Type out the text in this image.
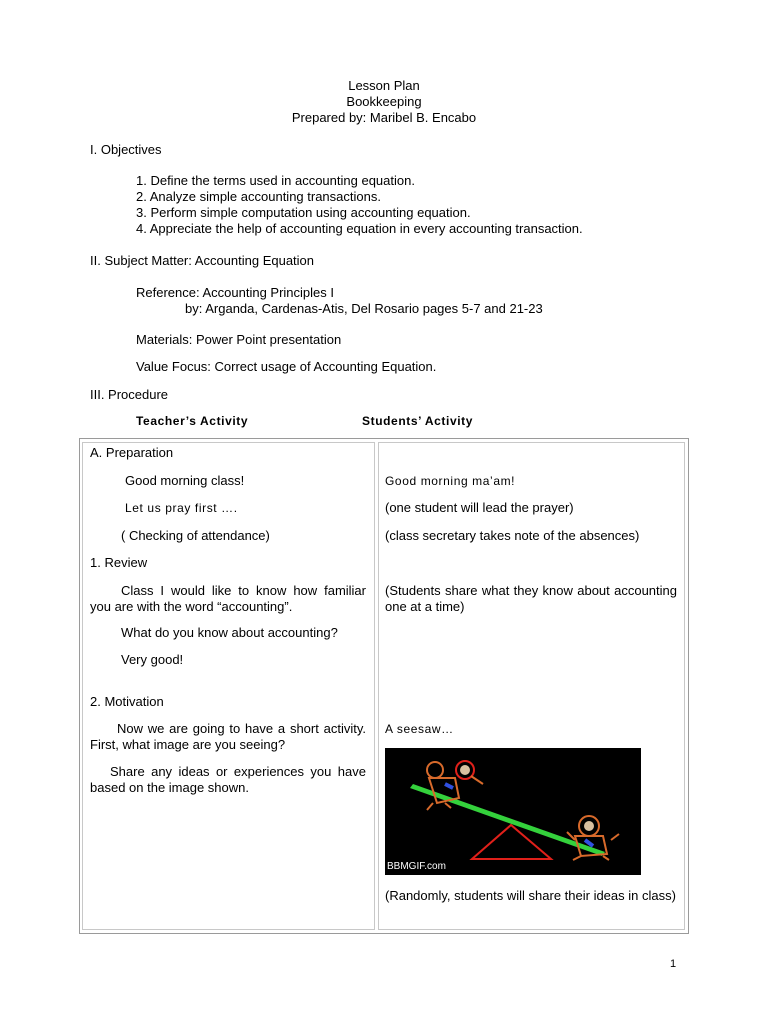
Lesson Plan
Bookkeeping
Prepared by: Maribel B. Encabo
I. Objectives
1. Define the terms used in accounting equation.
2. Analyze simple accounting transactions.
3. Perform simple computation using accounting equation.
4. Appreciate the help of accounting equation in every accounting transaction.
II. Subject Matter: Accounting Equation
Reference: Accounting Principles I
by: Arganda, Cardenas-Atis, Del Rosario pages 5-7 and 21-23
Materials: Power Point presentation
Value Focus: Correct usage of Accounting Equation.
III. Procedure
Teacher’s Activity	Students’ Activity
A. Preparation
Good morning class!
Let us pray first ….
( Checking of attendance)
1. Review
Class I would like to know how familiar you are with the word “accounting”.
What do you know about accounting?
Very good!
2. Motivation
Now we are going to have a short activity. First, what image are you seeing?
Share any ideas or experiences you have based on the image shown.
Good morning ma’am!
(one student will lead the prayer)
(class secretary takes note of the absences)
(Students share what they know about accounting one at a time)
A seesaw…
BBMGIF.com
(Randomly, students will share their ideas in class)
1
